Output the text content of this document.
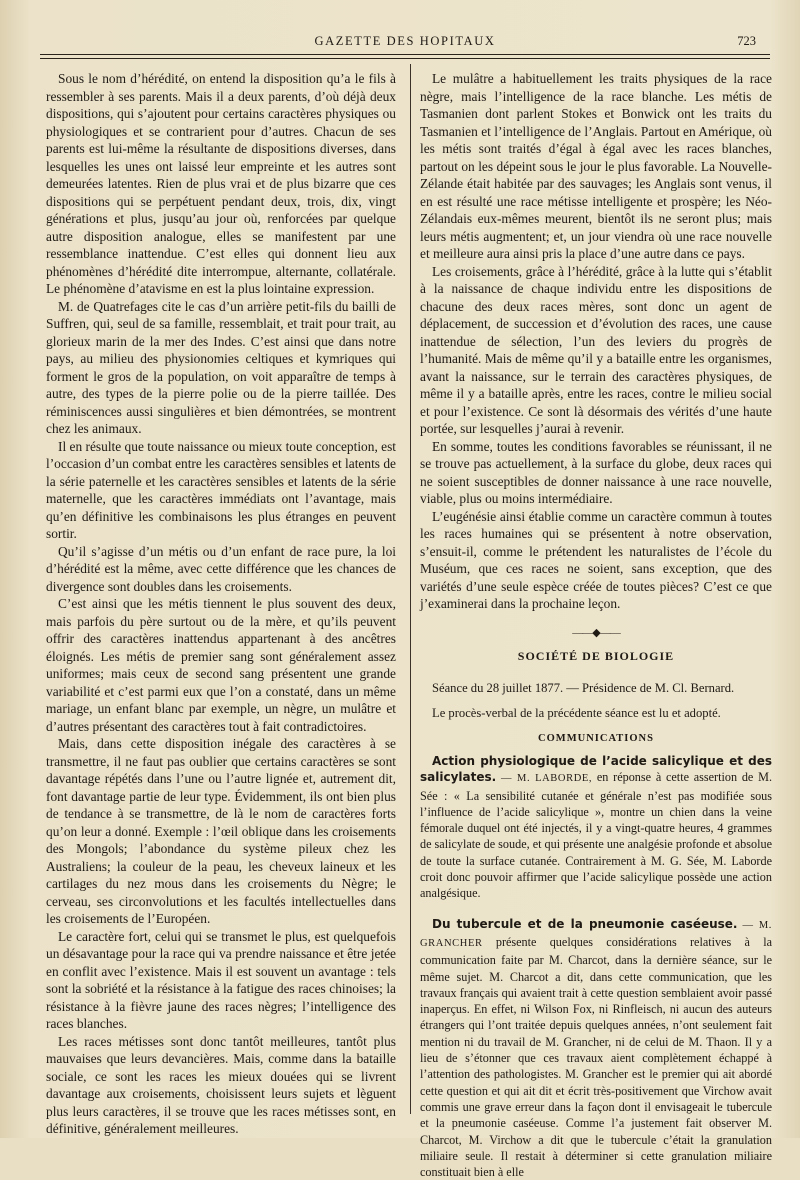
GAZETTE DES HOPITAUX	723

Sous le nom d’hérédité, on entend la disposition qu’a le fils à ressembler à ses parents. Mais il a deux parents, d’où déjà deux dispositions, qui s’ajoutent pour certains caractères physiques ou physiologiques et se contrarient pour d’autres. Chacun de ses parents est lui-même la résultante de dispositions diverses, dans lesquelles les unes ont laissé leur empreinte et les autres sont demeurées latentes. Rien de plus vrai et de plus bizarre que ces dispositions qui se perpétuent pendant deux, trois, dix, vingt générations et plus, jusqu’au jour où, renforcées par quelque autre disposition analogue, elles se manifestent par une ressemblance inattendue. C’est elles qui donnent lieu aux phénomènes d’hérédité dite interrompue, alternante, collatérale. Le phénomène d’atavisme en est la plus lointaine expression.

M. de Quatrefages cite le cas d’un arrière petit-fils du bailli de Suffren, qui, seul de sa famille, ressemblait, et trait pour trait, au glorieux marin de la mer des Indes. C’est ainsi que dans notre pays, au milieu des physionomies celtiques et kymriques qui forment le gros de la population, on voit apparaître de temps à autre, des types de la pierre polie ou de la pierre taillée. Des réminiscences aussi singulières et bien démontrées, se montrent chez les animaux.

Il en résulte que toute naissance ou mieux toute conception, est l’occasion d’un combat entre les caractères sensibles et latents de la série paternelle et les caractères sensibles et latents de la série maternelle, que les caractères immédiats ont l’avantage, mais qu’en définitive les combinaisons les plus étranges en peuvent sortir.

Qu’il s’agisse d’un métis ou d’un enfant de race pure, la loi d’hérédité est la même, avec cette différence que les chances de divergence sont doubles dans les croisements.

C’est ainsi que les métis tiennent le plus souvent des deux, mais parfois du père surtout ou de la mère, et qu’ils peuvent offrir des caractères inattendus appartenant à des ancêtres éloignés. Les métis de premier sang sont généralement assez uniformes; mais ceux de second sang présentent une grande variabilité et c’est parmi eux que l’on a constaté, dans un même mariage, un enfant blanc par exemple, un nègre, un mulâtre et d’autres présentant des caractères tout à fait contradictoires.

Mais, dans cette disposition inégale des caractères à se transmettre, il ne faut pas oublier que certains caractères se sont davantage répétés dans l’une ou l’autre lignée et, autrement dit, font davantage partie de leur type. Évidemment, ils ont bien plus de tendance à se transmettre, de là le nom de caractères forts qu’on leur a donné. Exemple : l’œil oblique dans les croisements des Mongols; l’abondance du système pileux chez les Australiens; la couleur de la peau, les cheveux laineux et les cartilages du nez mous dans les croisements du Nègre; le cerveau, ses circonvolutions et les facultés intellectuelles dans les croisements de l’Européen.

Le caractère fort, celui qui se transmet le plus, est quelquefois un désavantage pour la race qui va prendre naissance et être jetée en conflit avec l’existence. Mais il est souvent un avantage : tels sont la sobriété et la résistance à la fatigue des races chinoises; la résistance à la fièvre jaune des races nègres; l’intelligence des races blanches.

Les races métisses sont donc tantôt meilleures, tantôt plus mauvaises que leurs devancières. Mais, comme dans la bataille sociale, ce sont les races les mieux douées qui se livrent davantage aux croisements, choisissent leurs sujets et lèguent plus leurs caractères, il se trouve que les races métisses sont, en définitive, généralement meilleures.

Le mulâtre a habituellement les traits physiques de la race nègre, mais l’intelligence de la race blanche. Les métis de Tasmanien dont parlent Stokes et Bonwick ont les traits du Tasmanien et l’intelligence de l’Anglais. Partout en Amérique, où les métis sont traités d’égal à égal avec les races blanches, partout on les dépeint sous le jour le plus favorable. La Nouvelle-Zélande était habitée par des sauvages; les Anglais sont venus, il en est résulté une race métisse intelligente et prospère; les Néo-Zélandais eux-mêmes meurent, bientôt ils ne seront plus; mais leurs métis augmentent; et, un jour viendra où une race nouvelle et meilleure aura ainsi pris la place d’une autre dans ce pays.

Les croisements, grâce à l’hérédité, grâce à la lutte qui s’établit à la naissance de chaque individu entre les dispositions de chacune des deux races mères, sont donc un agent de déplacement, de succession et d’évolution des races, une cause inattendue de sélection, l’un des leviers du progrès de l’humanité. Mais de même qu’il y a bataille entre les organismes, avant la naissance, sur le terrain des caractères physiques, de même il y a bataille après, entre les races, contre le milieu social et pour l’existence. Ce sont là désormais des vérités d’une haute portée, sur lesquelles j’aurai à revenir.

En somme, toutes les conditions favorables se réunissant, il ne se trouve pas actuellement, à la surface du globe, deux races qui ne soient susceptibles de donner naissance à une race nouvelle, viable, plus ou moins intermédiaire.

L’eugénésie ainsi établie comme un caractère commun à toutes les races humaines qui se présentent à notre observation, s’ensuit-il, comme le prétendent les naturalistes de l’école du Muséum, que ces races ne soient, sans exception, que des variétés d’une seule espèce créée de toutes pièces? C’est ce que j’examinerai dans la prochaine leçon.

——◆——
SOCIÉTÉ DE BIOLOGIE

Séance du 28 juillet 1877. — Présidence de M. Cl. Bernard.

Le procès-verbal de la précédente séance est lu et adopté.

COMMUNICATIONS

Action physiologique de l’acide salicylique et des salicylates. — M. LABORDE, en réponse à cette assertion de M. Sée : « La sensibilité cutanée et générale n’est pas modifiée sous l’influence de l’acide salicylique », montre un chien dans la veine fémorale duquel ont été injectés, il y a vingt-quatre heures, 4 grammes de salicylate de soude, et qui présente une analgésie profonde et absolue de toute la surface cutanée. Contrairement à M. G. Sée, M. Laborde croit donc pouvoir affirmer que l’acide salicylique possède une action analgésique.

Du tubercule et de la pneumonie caséeuse. — M. GRANCHER présente quelques considérations relatives à la communication faite par M. Charcot, dans la dernière séance, sur le même sujet. M. Charcot a dit, dans cette communication, que les travaux français qui avaient trait à cette question semblaient avoir passé inaperçus. En effet, ni Wilson Fox, ni Rinfleisch, ni aucun des auteurs étrangers qui l’ont traitée depuis quelques années, n’ont seulement fait mention ni du travail de M. Grancher, ni de celui de M. Thaon. Il y a lieu de s’étonner que ces travaux aient complètement échappé à l’attention des pathologistes. M. Grancher est le premier qui ait abordé cette question et qui ait dit et écrit très-positivement que Virchow avait commis une grave erreur dans la façon dont il envisageait le tubercule et la pneumonie caséeuse. Comme l’a justement fait observer M. Charcot, M. Virchow a dit que le tubercule c’était la granulation miliaire seule. Il restait à déterminer si cette granulation miliaire constituait bien à elle
